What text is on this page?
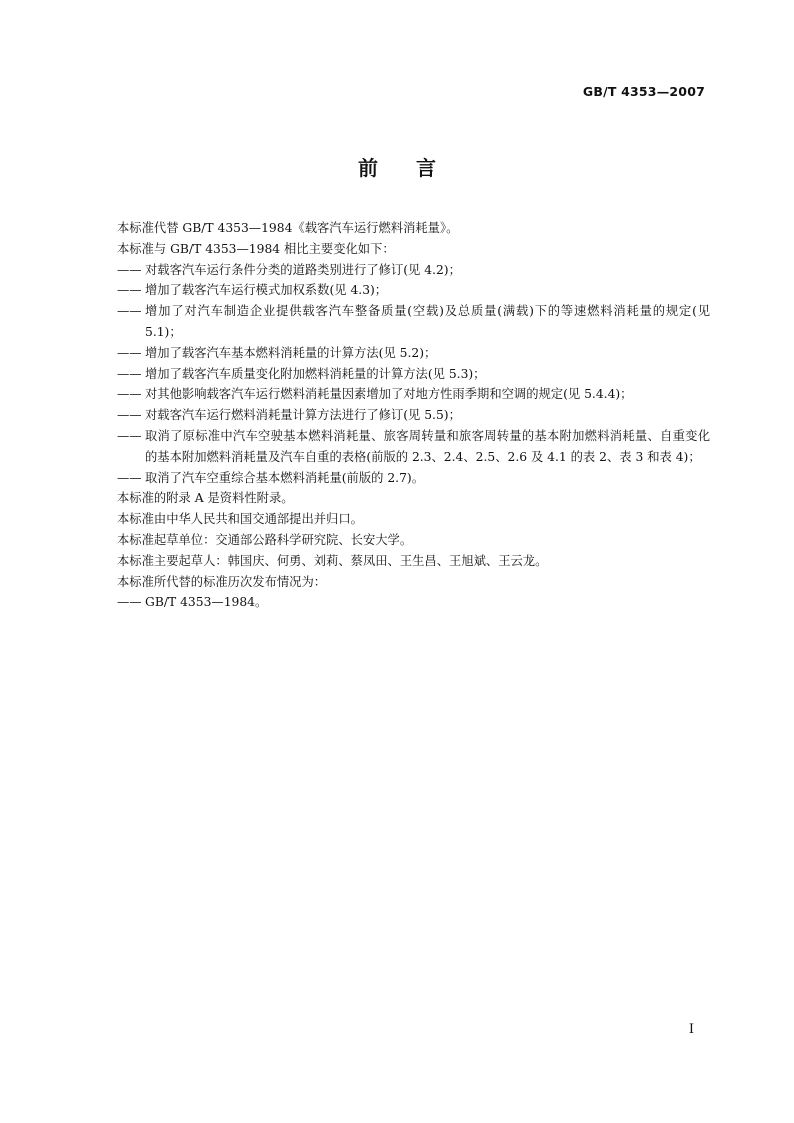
GB/T 4353—2007
前 言
本标准代替 GB/T 4353—1984《载客汽车运行燃料消耗量》。
本标准与 GB/T 4353—1984 相比主要变化如下：
—— 对载客汽车运行条件分类的道路类别进行了修订(见 4.2)；
—— 增加了载客汽车运行模式加权系数(见 4.3)；
—— 增加了对汽车制造企业提供载客汽车整备质量(空载)及总质量(满载)下的等速燃料消耗量的规定(见 5.1)；
—— 增加了载客汽车基本燃料消耗量的计算方法(见 5.2)；
—— 增加了载客汽车质量变化附加燃料消耗量的计算方法(见 5.3)；
—— 对其他影响载客汽车运行燃料消耗量因素增加了对地方性雨季期和空调的规定(见 5.4.4)；
—— 对载客汽车运行燃料消耗量计算方法进行了修订(见 5.5)；
—— 取消了原标准中汽车空驶基本燃料消耗量、旅客周转量和旅客周转量的基本附加燃料消耗量、自重变化的基本附加燃料消耗量及汽车自重的表格(前版的 2.3、2.4、2.5、2.6 及 4.1 的表 2、表 3 和表 4)；
—— 取消了汽车空重综合基本燃料消耗量(前版的 2.7)。
本标准的附录 A 是资料性附录。
本标准由中华人民共和国交通部提出并归口。
本标准起草单位：交通部公路科学研究院、长安大学。
本标准主要起草人：韩国庆、何勇、刘莉、蔡凤田、王生昌、王旭斌、王云龙。
本标准所代替的标准历次发布情况为：
—— GB/T 4353—1984。
I
